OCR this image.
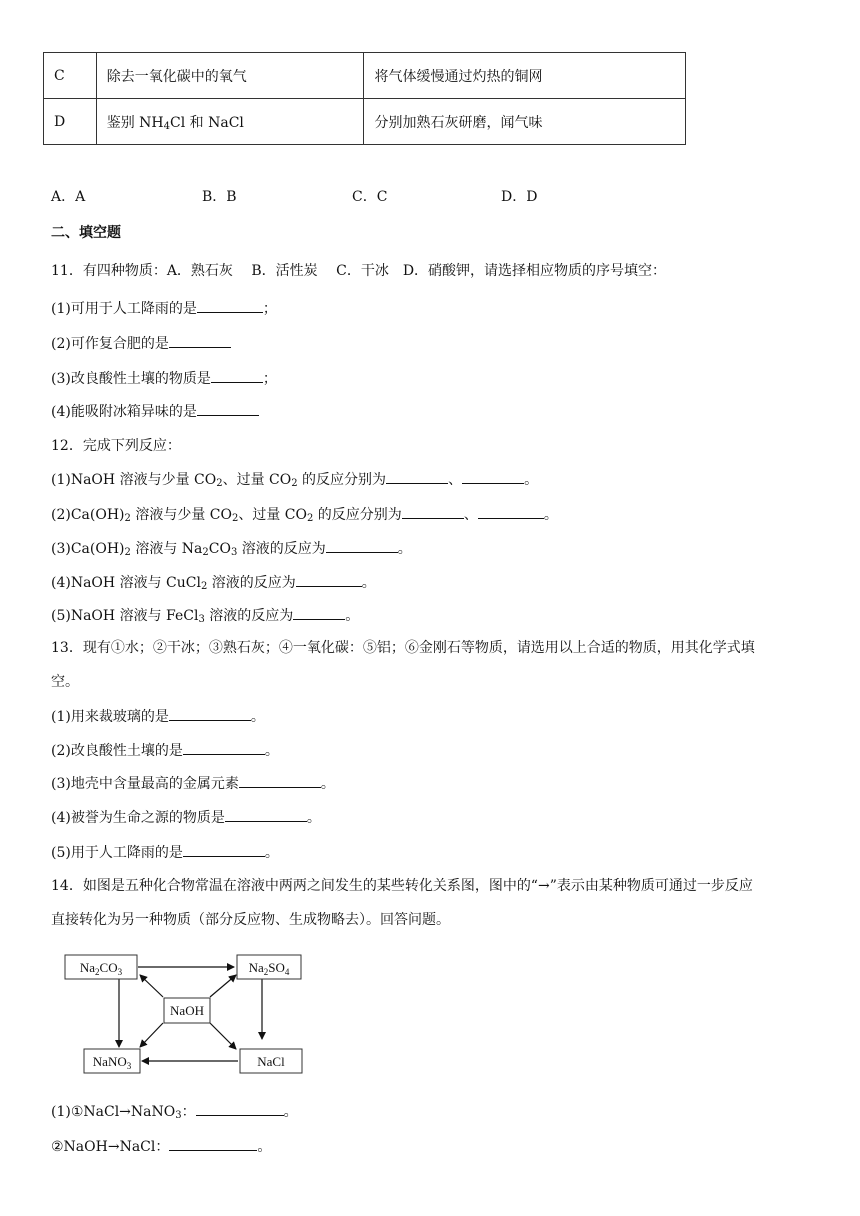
C	除去一氧化碳中的氧气	将气体缓慢通过灼热的铜网
D	鉴别 $NH_4Cl$ 和 NaCl	分别加熟石灰研磨，闻气味
A．A	B．B	C．C	D．D
二、填空题
11．有四种物质：A．熟石灰　 B．活性炭　 C．干冰　D．硝酸钾，请选择相应物质的序号填空：
(1)可用于人工降雨的是	；
(2)可作复合肥的是
(3)改良酸性土壤的物质是	；
(4)能吸附冰箱异味的是
12．完成下列反应：
(1)NaOH 溶液与少量 $CO_2$、过量 $CO_2$ 的反应分别为	、	。
$(2)Ca(OH)_2$ 溶液与少量 $CO_2$、过量 $CO_2$ 的反应分别为	、	。
$(3)Ca(OH)_2$ 溶液与 $Na_2CO_3$ 溶液的反应为	。
(4)NaOH 溶液与 CuCl$_2$ 溶液的反应为	。
(5)NaOH 溶液与 FeCl$_3$ 溶液的反应为	。
13．现有①水；②干冰；③熟石灰；④一氧化碳：⑤铝；⑥金刚石等物质，请选用以上合适的物质，用其化学式填
空。
(1)用来裁玻璃的是	。
(2)改良酸性土壤的是	。
(3)地壳中含量最高的金属元素	。
(4)被誉为生命之源的物质是	。
(5)用于人工降雨的是	。
14．如图是五种化合物常温在溶液中两两之间发生的某些转化关系图，图中的“→”表示由某种物质可通过一步反应
直接转化为另一种物质（部分反应物、生成物略去）。回答问题。
$Na_2CO_3$	$Na_2SO_4$
NaOH
NaNO$_3$	NaCl
(1)①NaCl→NaNO$_3$：	。
②NaOH→NaCl：	。
